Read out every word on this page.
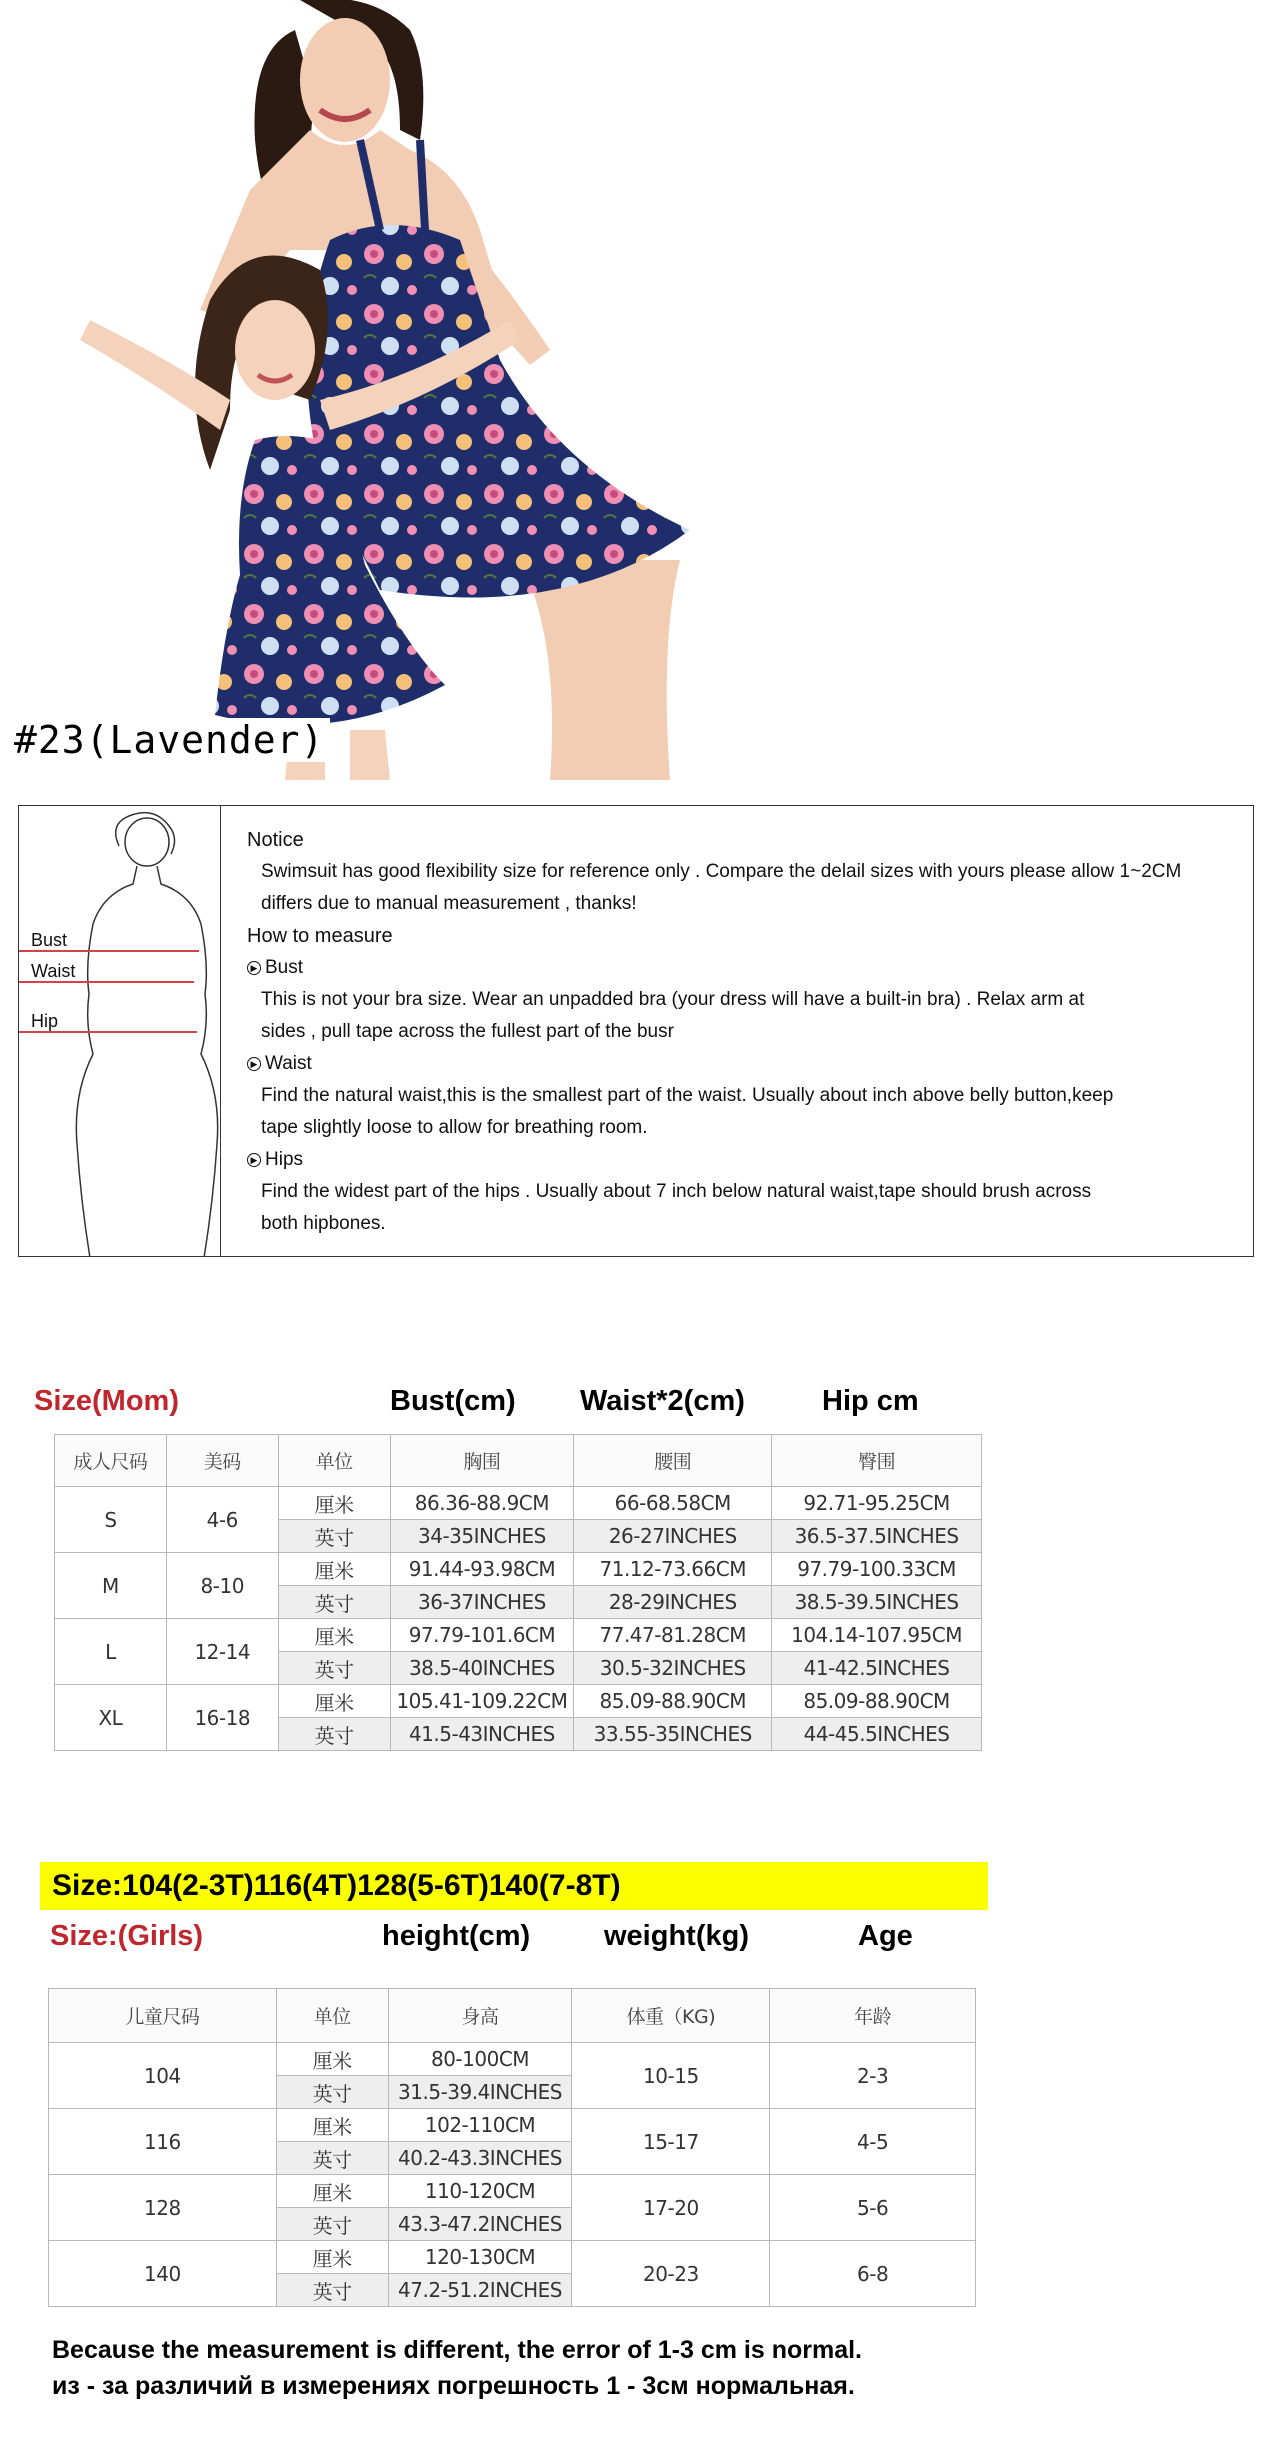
#23(Lavender)
Bust
Waist
Hip
Notice
Swimsuit has good flexibility size for reference only . Compare the delail sizes with yours please allow 1~2CM
differs due to manual measurement , thanks!
How to measure
▶ Bust
This is not your bra size. Wear an unpadded bra (your dress will have a built-in bra) . Relax arm at
sides , pull tape across the fullest part of the busr
▶ Waist
Find the natural waist,this is the smallest part of the waist. Usually about inch above belly button,keep
tape slightly loose to allow for breathing room.
▶ Hips
Find the widest part of the hips . Usually about 7 inch below natural waist,tape should brush across
both hipbones.
Size(Mom)	Bust(cm) Waist*2(cm)	Hip cm
成人尺码	美码	单位	胸围	腰围	臀围
S	4-6	厘米	86.36-88.9CM	66-68.58CM	92.71-95.25CM
		英寸	34-35INCHES	26-27INCHES	36.5-37.5INCHES
M	8-10	厘米	91.44-93.98CM	71.12-73.66CM	97.79-100.33CM
		英寸	36-37INCHES	28-29INCHES	38.5-39.5INCHES
L	12-14	厘米	97.79-101.6CM	77.47-81.28CM	104.14-107.95CM
		英寸	38.5-40INCHES	30.5-32INCHES	41-42.5INCHES
XL	16-18	厘米	105.41-109.22CM	85.09-88.90CM	85.09-88.90CM
		英寸	41.5-43INCHES	33.55-35INCHES	44-45.5INCHES
Size:104(2-3T)116(4T)128(5-6T)140(7-8T)
Size:(Girls)	height(cm)	weight(kg)	Age
儿童尺码	单位	身高	体重（KG)	年龄
104	厘米	80-100CM	10-15	2-3
	英寸	31.5-39.4INCHES		
116	厘米	102-110CM	15-17	4-5
	英寸	40.2-43.3INCHES		
128	厘米	110-120CM	17-20	5-6
	英寸	43.3-47.2INCHES		
140	厘米	120-130CM	20-23	6-8
	英寸	47.2-51.2INCHES		
Because the measurement is different, the error of 1-3 cm is normal.
из - за различий в измерениях погрешность 1 - 3см нормальная.
